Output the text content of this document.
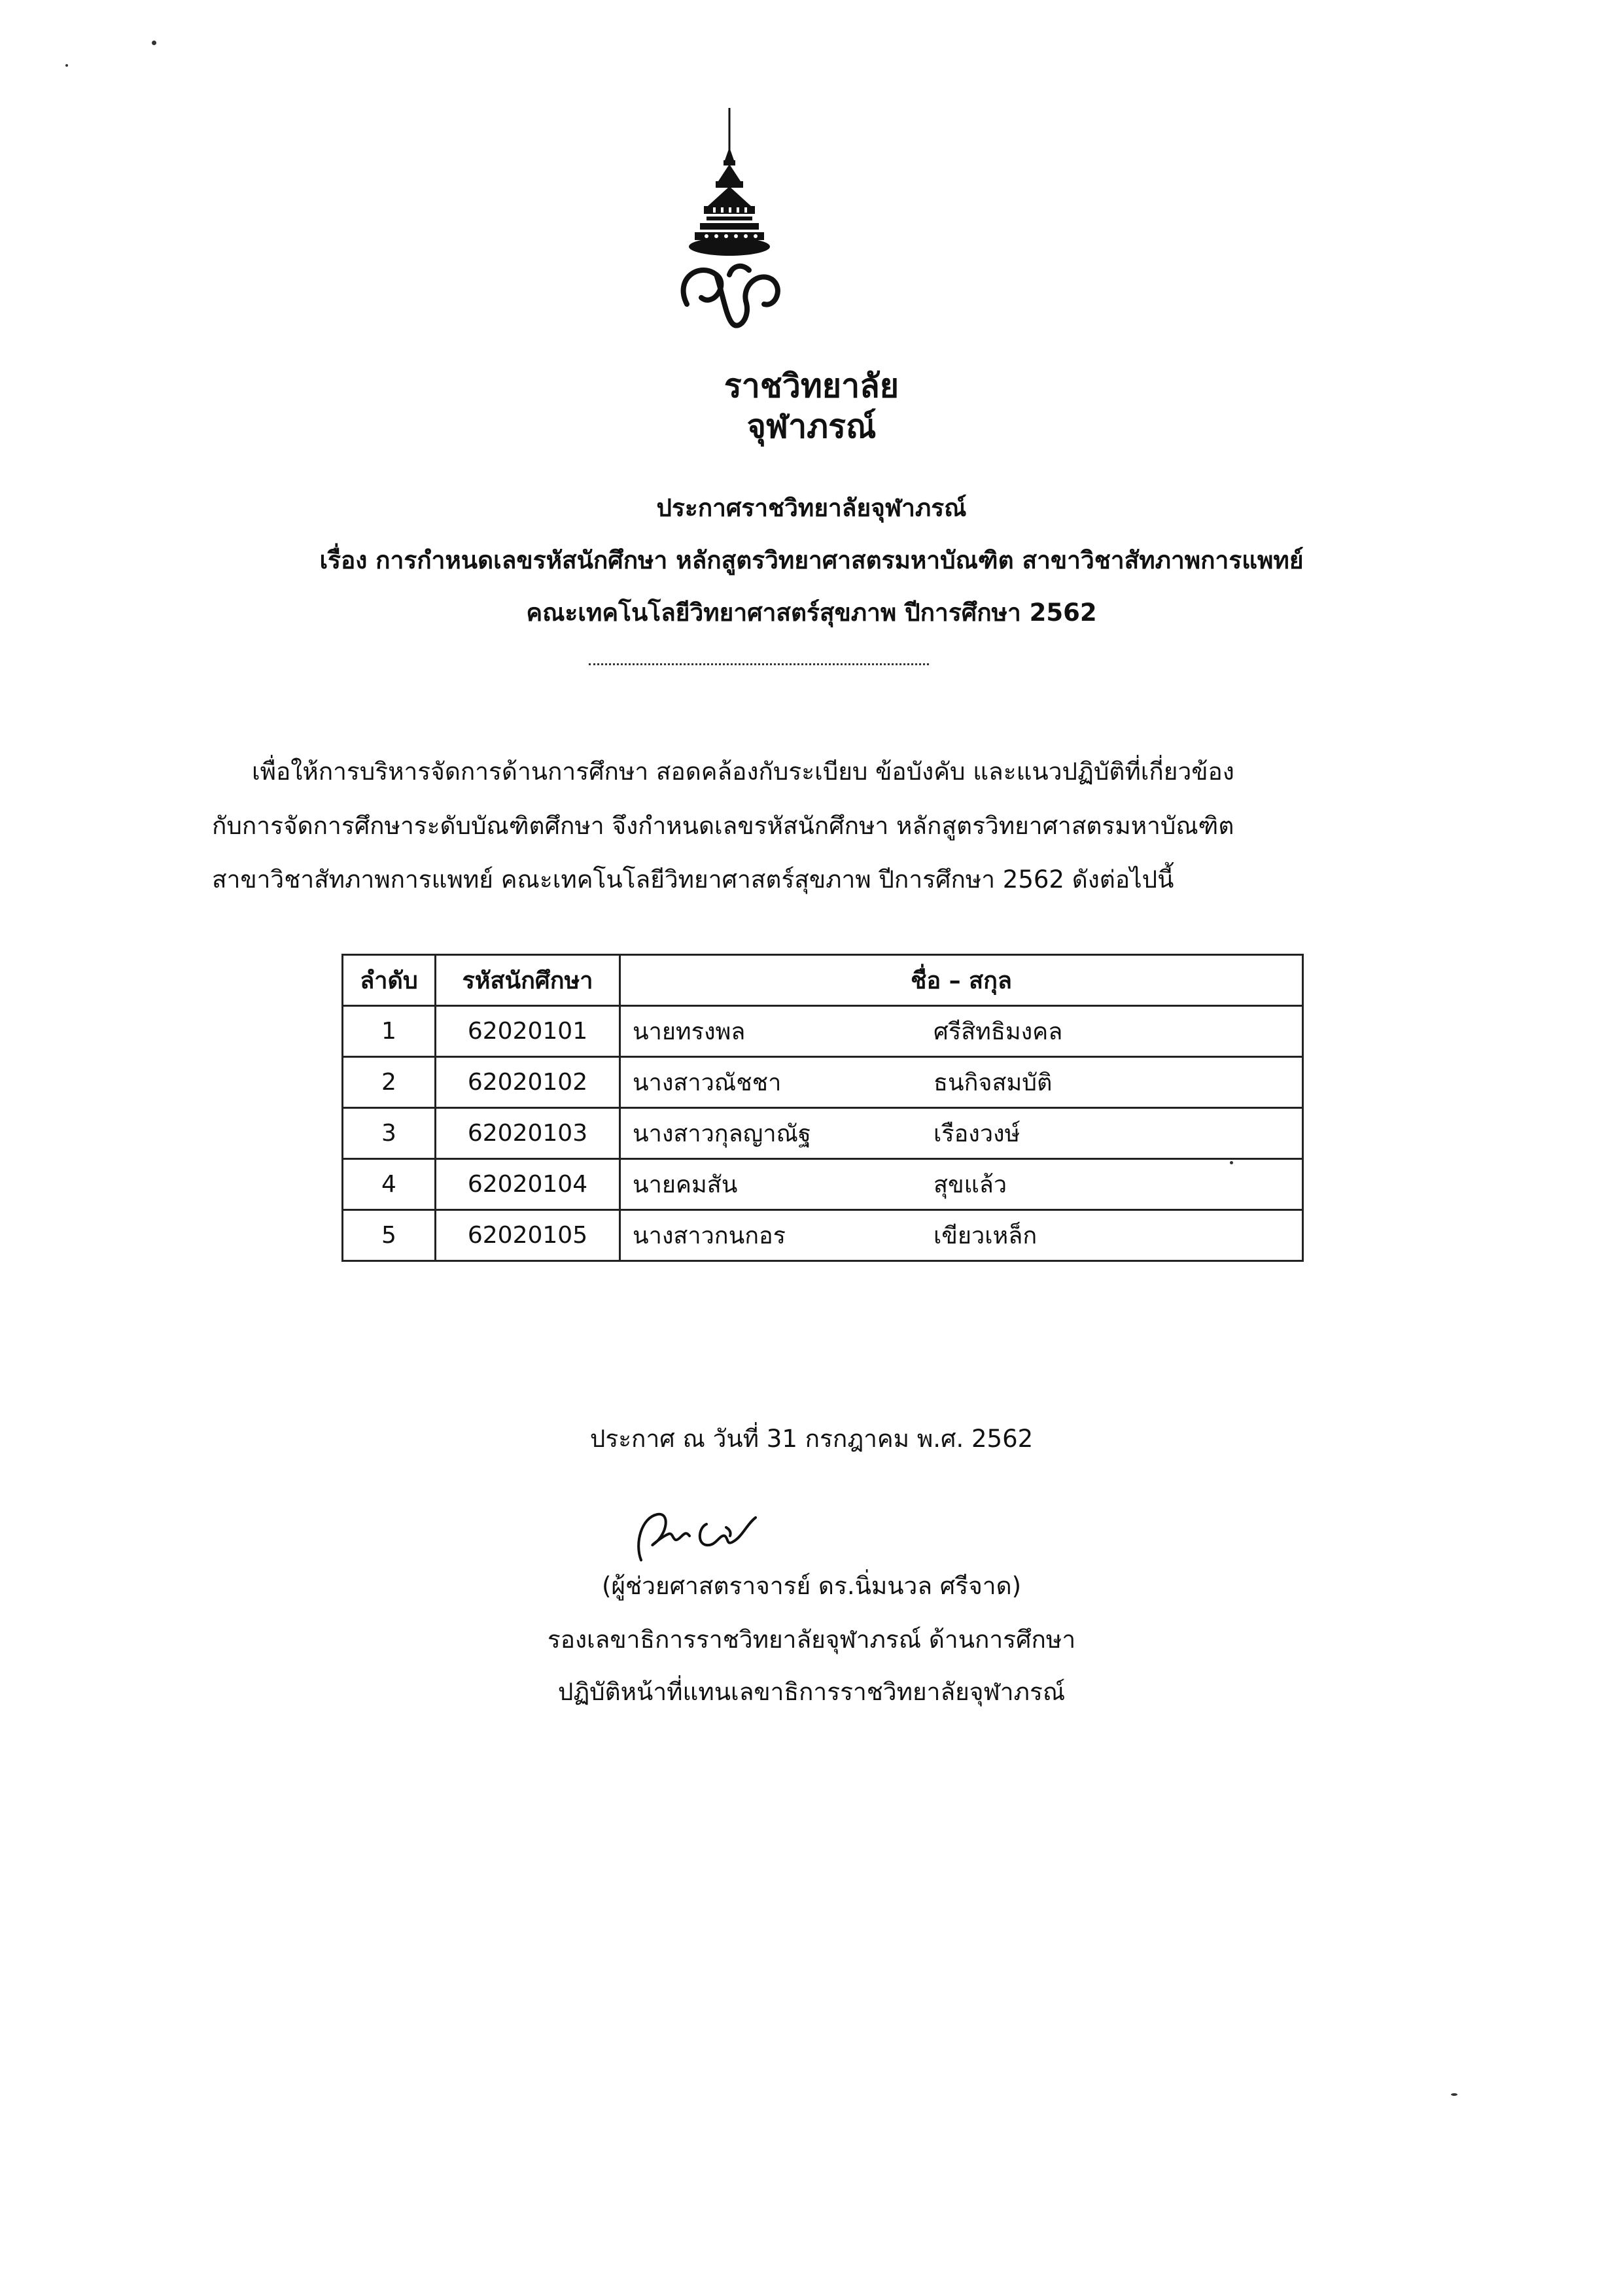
ราชวิทยาลัย
จุฬาภรณ์
ประกาศราชวิทยาลัยจุฬาภรณ์
เรื่อง การกำหนดเลขรหัสนักศึกษา หลักสูตรวิทยาศาสตรมหาบัณฑิต สาขาวิชาสัทภาพการแพทย์
คณะเทคโนโลยีวิทยาศาสตร์สุขภาพ ปีการศึกษา 2562
เพื่อให้การบริหารจัดการด้านการศึกษา สอดคล้องกับระเบียบ ข้อบังคับ และแนวปฏิบัติที่เกี่ยวข้อง
กับการจัดการศึกษาระดับบัณฑิตศึกษา จึงกำหนดเลขรหัสนักศึกษา หลักสูตรวิทยาศาสตรมหาบัณฑิต
สาขาวิชาสัทภาพการแพทย์ คณะเทคโนโลยีวิทยาศาสตร์สุขภาพ ปีการศึกษา 2562 ดังต่อไปนี้
ลำดับ	รหัสนักศึกษา	ชื่อ – สกุล
1	62020101	นายทรงพล ศรีสิทธิมงคล

2	62020102	นางสาวณัชชา ธนกิจสมบัติ

3	62020103	นางสาวกุลญาณัฐ เรืองวงษ์

4	62020104	นายคมสัน สุขแล้ว

5	62020105	นางสาวกนกอร เขียวเหล็ก
ประกาศ ณ วันที่ 31 กรกฎาคม พ.ศ. 2562
(ผู้ช่วยศาสตราจารย์ ดร.นิ่มนวล ศรีจาด)
รองเลขาธิการราชวิทยาลัยจุฬาภรณ์ ด้านการศึกษา
ปฏิบัติหน้าที่แทนเลขาธิการราชวิทยาลัยจุฬาภรณ์
